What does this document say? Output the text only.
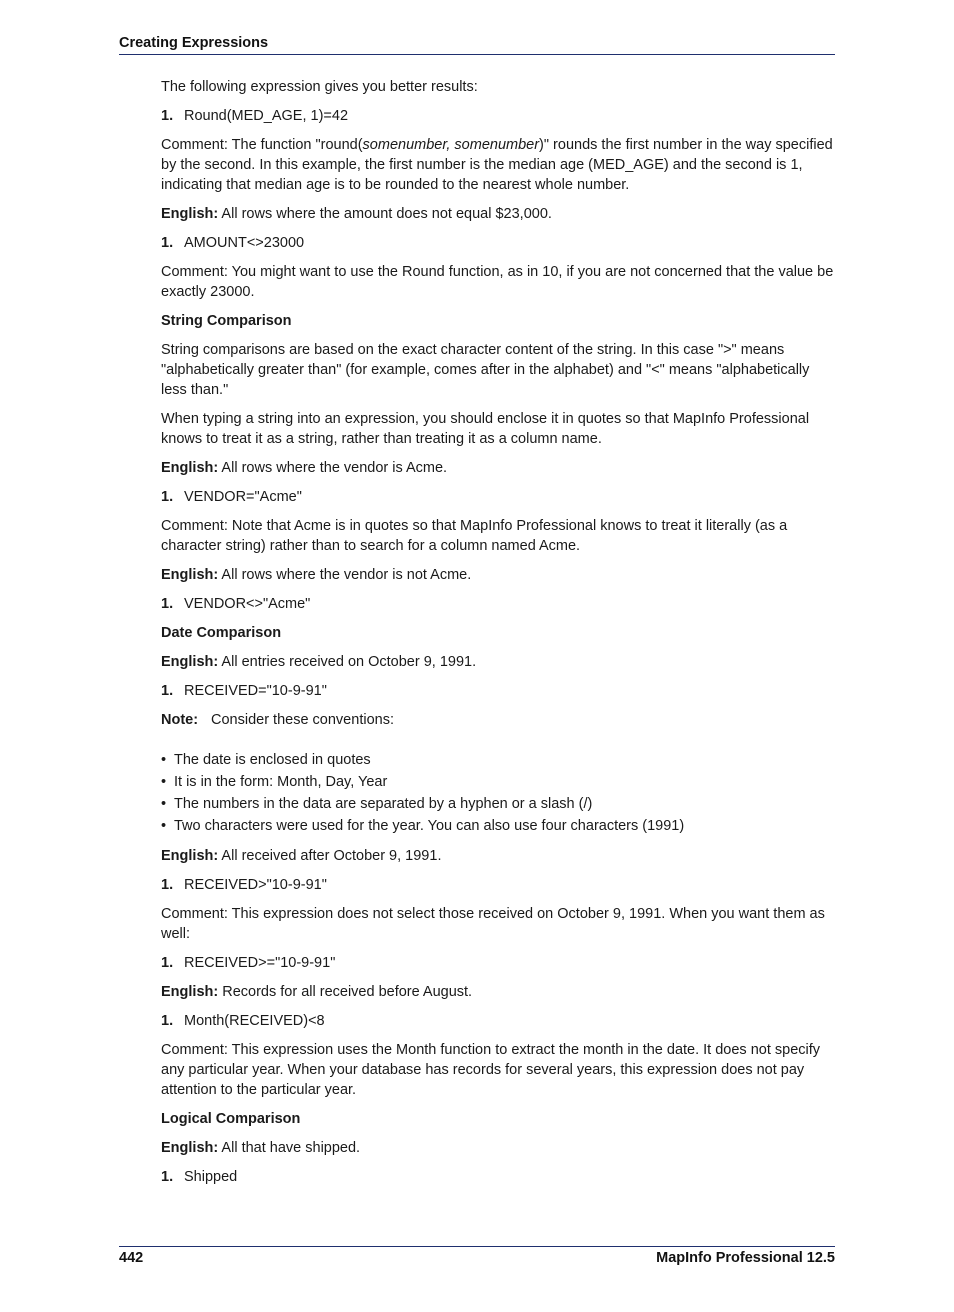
Creating Expressions

The following expression gives you better results:

1. Round(MED_AGE, 1)=42

Comment: The function "round(somenumber, somenumber)" rounds the first number in the way specified by the second. In this example, the first number is the median age (MED_AGE) and the second is 1, indicating that median age is to be rounded to the nearest whole number.

English: All rows where the amount does not equal $23,000.

1. AMOUNT<>23000

Comment: You might want to use the Round function, as in 10, if you are not concerned that the value be exactly 23000.

String Comparison

String comparisons are based on the exact character content of the string. In this case ">" means "alphabetically greater than" (for example, comes after in the alphabet) and "<" means "alphabetically less than."

When typing a string into an expression, you should enclose it in quotes so that MapInfo Professional knows to treat it as a string, rather than treating it as a column name.

English: All rows where the vendor is Acme.

1. VENDOR="Acme"

Comment: Note that Acme is in quotes so that MapInfo Professional knows to treat it literally (as a character string) rather than to search for a column named Acme.

English: All rows where the vendor is not Acme.

1. VENDOR<>"Acme"
Date Comparison

English: All entries received on October 9, 1991.

1. RECEIVED="10-9-91"
Note: Consider these conventions:
• The date is enclosed in quotes
• It is in the form: Month, Day, Year
• The numbers in the data are separated by a hyphen or a slash (/)
• Two characters were used for the year. You can also use four characters (1991)

English: All received after October 9, 1991.

1. RECEIVED>"10-9-91"

Comment: This expression does not select those received on October 9, 1991. When you want them as well:

1. RECEIVED>="10-9-91"

English: Records for all received before August.

1. Month(RECEIVED)<8

Comment: This expression uses the Month function to extract the month in the date. It does not specify any particular year. When your database has records for several years, this expression does not pay attention to the particular year.

Logical Comparison

English: All that have shipped.

1. Shipped
442	MapInfo Professional 12.5
